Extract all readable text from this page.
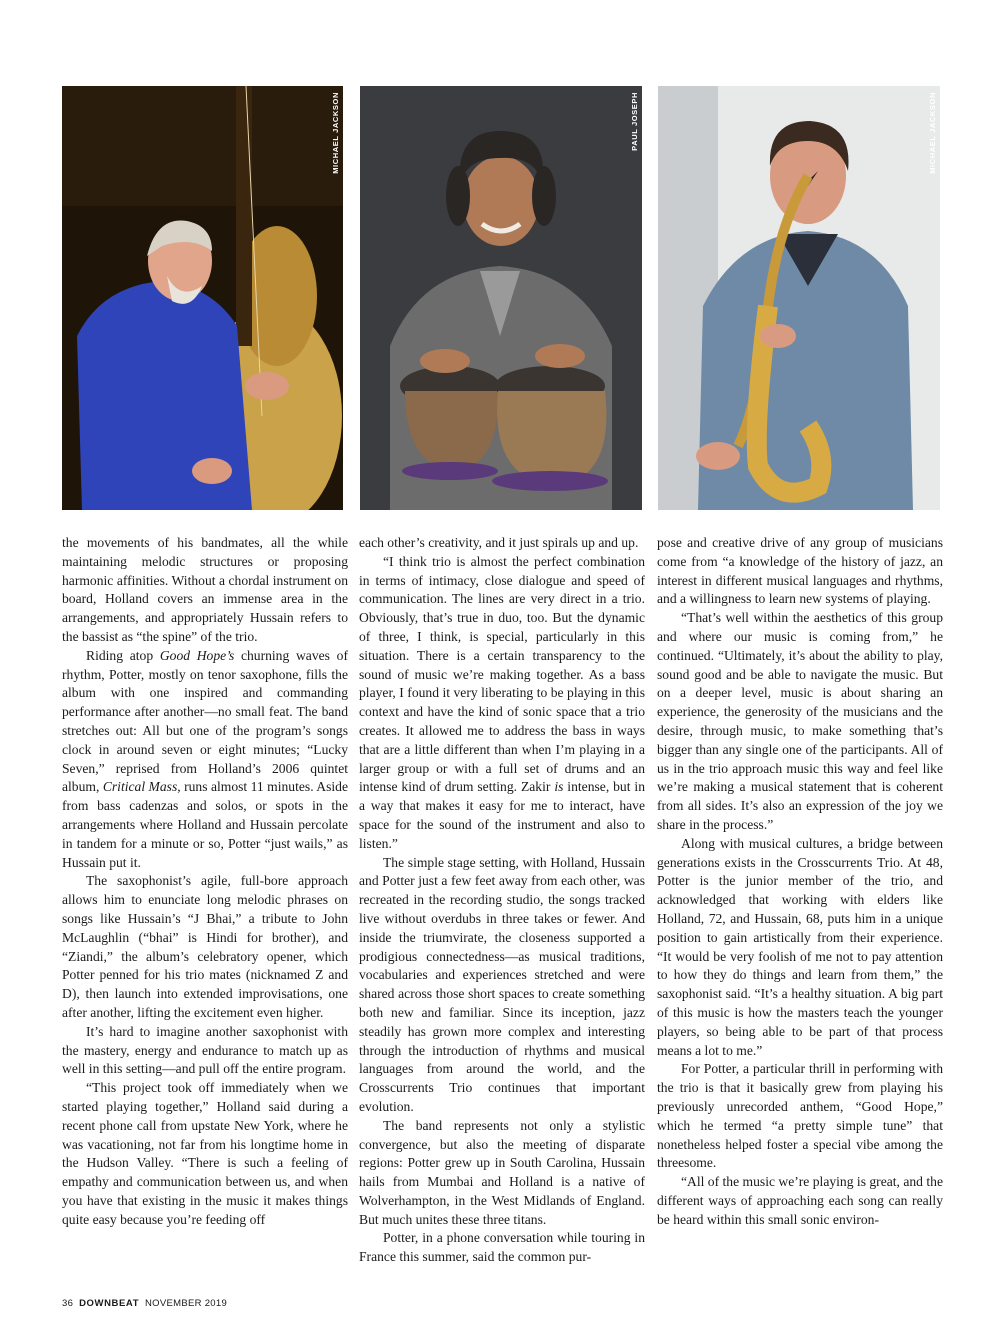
MICHAEL JACKSON	PAUL JOSEPH	MICHAEL JACKSON

the movements of his bandmates, all the while maintaining melodic structures or proposing harmonic affinities. Without a chordal instrument on board, Holland covers an immense area in the arrangements, and appropriately Hussain refers to the bassist as “the spine” of the trio.

Riding atop Good Hope’s churning waves of rhythm, Potter, mostly on tenor saxophone, fills the album with one inspired and commanding performance after another—no small feat. The band stretches out: All but one of the program’s songs clock in around seven or eight minutes; “Lucky Seven,” reprised from Holland’s 2006 quintet album, Critical Mass, runs almost 11 minutes. Aside from bass cadenzas and solos, or spots in the arrangements where Holland and Hussain percolate in tandem for a minute or so, Potter “just wails,” as Hussain put it.

The saxophonist’s agile, full-bore approach allows him to enunciate long melodic phrases on songs like Hussain’s “J Bhai,” a tribute to John McLaughlin (“bhai” is Hindi for brother), and “Ziandi,” the album’s celebratory opener, which Potter penned for his trio mates (nicknamed Z and D), then launch into extended improvisations, one after another, lifting the excitement even higher.

It’s hard to imagine another saxophonist with the mastery, energy and endurance to match up as well in this setting—and pull off the entire program.

“This project took off immediately when we started playing together,” Holland said during a recent phone call from upstate New York, where he was vacationing, not far from his longtime home in the Hudson Valley. “There is such a feeling of empathy and communication between us, and when you have that existing in the music it makes things quite easy because you’re feeding off

each other’s creativity, and it just spirals up and up.

“I think trio is almost the perfect combination in terms of intimacy, close dialogue and speed of communication. The lines are very direct in a trio. Obviously, that’s true in duo, too. But the dynamic of three, I think, is special, particularly in this situation. There is a certain transparency to the sound of music we’re making together. As a bass player, I found it very liberating to be playing in this context and have the kind of sonic space that a trio creates. It allowed me to address the bass in ways that are a little different than when I’m playing in a larger group or with a full set of drums and an intense kind of drum setting. Zakir is intense, but in a way that makes it easy for me to interact, have space for the sound of the instrument and also to listen.”

The simple stage setting, with Holland, Hussain and Potter just a few feet away from each other, was recreated in the recording studio, the songs tracked live without overdubs in three takes or fewer. And inside the triumvirate, the closeness supported a prodigious connectedness—as musical traditions, vocabularies and experiences stretched and were shared across those short spaces to create something both new and familiar. Since its inception, jazz steadily has grown more complex and interesting through the introduction of rhythms and musical languages from around the world, and the Crosscurrents Trio continues that important evolution.

The band represents not only a stylistic convergence, but also the meeting of disparate regions: Potter grew up in South Carolina, Hussain hails from Mumbai and Holland is a native of Wolverhampton, in the West Midlands of England. But much unites these three titans.

Potter, in a phone conversation while touring in France this summer, said the common pur-

pose and creative drive of any group of musicians come from “a knowledge of the history of jazz, an interest in different musical languages and rhythms, and a willingness to learn new systems of playing.

“That’s well within the aesthetics of this group and where our music is coming from,” he continued. “Ultimately, it’s about the ability to play, sound good and be able to navigate the music. But on a deeper level, music is about sharing an experience, the generosity of the musicians and the desire, through music, to make something that’s bigger than any single one of the participants. All of us in the trio approach music this way and feel like we’re making a musical statement that is coherent from all sides. It’s also an expression of the joy we share in the process.”

Along with musical cultures, a bridge between generations exists in the Crosscurrents Trio. At 48, Potter is the junior member of the trio, and acknowledged that working with elders like Holland, 72, and Hussain, 68, puts him in a unique position to gain artistically from their experience. “It would be very foolish of me not to pay attention to how they do things and learn from them,” the saxophonist said. “It’s a healthy situation. A big part of this music is how the masters teach the younger players, so being able to be part of that process means a lot to me.”

For Potter, a particular thrill in performing with the trio is that it basically grew from playing his previously unrecorded anthem, “Good Hope,” which he termed “a pretty simple tune” that nonetheless helped foster a special vibe among the threesome.

“All of the music we’re playing is great, and the different ways of approaching each song can really be heard within this small sonic environ-

36 DOWNBEAT NOVEMBER 2019
